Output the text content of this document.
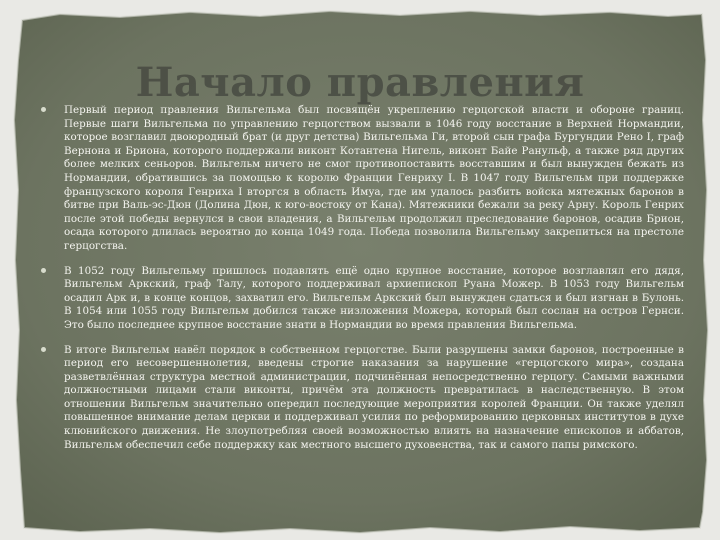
Начало правления
Первый период правления Вильгельма был посвящён укреплению герцогской власти и обороне границ. Первые шаги Вильгельма по управлению герцогством вызвали в 1046 году восстание в Верхней Нормандии, которое возглавил двоюродный брат (и друг детства) Вильгельма Ги, второй сын графа Бургундии Рено I, граф Вернона и Бриона, которого поддержали виконт Котантена Нигель, виконт Байе Ранульф, а также ряд других более мелких сеньоров. Вильгельм ничего не смог противопоставить восставшим и был вынужден бежать из Нормандии, обратившись за помощью к королю Франции Генриху I. В 1047 году Вильгельм при поддержке французского короля Генриха I вторгся в область Имуа, где им удалось разбить войска мятежных баронов в битве при Валь-эс-Дюн (Долина Дюн, к юго-востоку от Кана). Мятежники бежали за реку Арну. Король Генрих после этой победы вернулся в свои владения, а Вильгельм продолжил преследование баронов, осадив Брион, осада которого длилась вероятно до конца 1049 года. Победа позволила Вильгельму закрепиться на престоле герцогства.
В 1052 году Вильгельму пришлось подавлять ещё одно крупное восстание, которое возглавлял его дядя, Вильгельм Аркский, граф Талу, которого поддерживал архиепископ Руана Можер. В 1053 году Вильгельм осадил Арк и, в конце концов, захватил его. Вильгельм Аркский был вынужден сдаться и был изгнан в Булонь. В 1054 или 1055 году Вильгельм добился также низложения Можера, который был сослан на остров Гернси. Это было последнее крупное восстание знати в Нормандии во время правления Вильгельма.
В итоге Вильгельм навёл порядок в собственном герцогстве. Были разрушены замки баронов, построенные в период его несовершеннолетия, введены строгие наказания за нарушение «герцогского мира», создана разветвлённая структура местной администрации, подчинённая непосредственно герцогу. Самыми важными должностными лицами стали виконты, причём эта должность превратилась в наследственную. В этом отношении Вильгельм значительно опередил последующие мероприятия королей Франции. Он также уделял повышенное внимание делам церкви и поддерживал усилия по реформированию церковных институтов в духе клюнийского движения. Не злоупотребляя своей возможностью влиять на назначение епископов и аббатов, Вильгельм обеспечил себе поддержку как местного высшего духовенства, так и самого папы римского.
